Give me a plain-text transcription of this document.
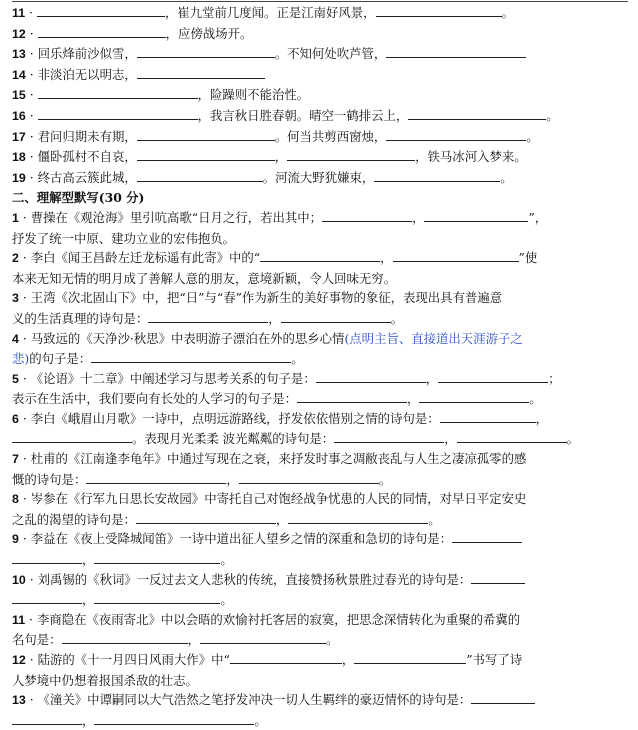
11 ·	，崔九堂前几度闻。正是江南好风景，	。
12 ·	，应傍战场开。
13 · 回乐烽前沙似雪，	。不知何处吹芦管，
14 · 非淡泊无以明志，
15 ·	，险躁则不能治性。
16 ·	，我言秋日胜春朝。晴空一鹤排云上，	。
17 · 君问归期未有期，	。何当共剪西窗烛，	。
18 · 僵卧孤村不自哀，	，	，铁马冰河入梦来。
19 · 终古高云簇此城，	。河流大野犹嫌束，	。
二、理解型默写(30 分)
1 · 曹操在《观沧海》里引吭高歌“日月之行，若出其中；	，	”，
抒发了统一中原、建功立业的宏伟抱负。
2 · 李白《闻王昌龄左迁龙标遥有此寄》中的“	，	”使
本来无知无情的明月成了善解人意的朋友，意境新颖，令人回味无穷。
3 · 王湾《次北固山下》中，把“日”与“春”作为新生的美好事物的象征，表现出具有普遍意
义的生活真理的诗句是：	，	。
4 · 马致远的《天净沙·秋思》中表明游子漂泊在外的思乡心情(点明主旨、直接道出天涯游子之
悲)的句子是：	。
5 · 《论语》十二章》中阐述学习与思考关系的句子是：	，	；
表示在生活中，我们要向有长处的人学习的句子是：	，	。
6 · 李白《峨眉山月歌》一诗中，点明远游路线，抒发依依惜别之情的诗句是：	，
。表现月光柔柔 波光粼粼的诗句是：	，	。
7 · 杜甫的《江南逢李龟年》中通过写现在之衰，来抒发时事之凋敝丧乱与人生之凄凉孤零的感
慨的诗句是：	，	。
8 · 岑参在《行军九日思长安故园》中寄托自己对饱经战争忧患的人民的同情，对早日平定安史
之乱的渴望的诗句是：	，	。
9 · 李益在《夜上受降城闻笛》一诗中道出征人望乡之情的深重和急切的诗句是：
，	。
10 · 刘禹锡的《秋词》一反过去文人悲秋的传统，直接赞扬秋景胜过春光的诗句是：
，	。
11 · 李商隐在《夜雨寄北》中以会晤的欢愉衬托客居的寂寞，把思念深情转化为重聚的希冀的
名句是：	，	。
12 · 陆游的《十一月四日风雨大作》中“	，	”书写了诗
人梦境中仍想着报国杀敌的壮志。
13 · 《潼关》中谭嗣同以大气浩然之笔抒发冲决一切人生羁绊的豪迈情怀的诗句是：
，	。
